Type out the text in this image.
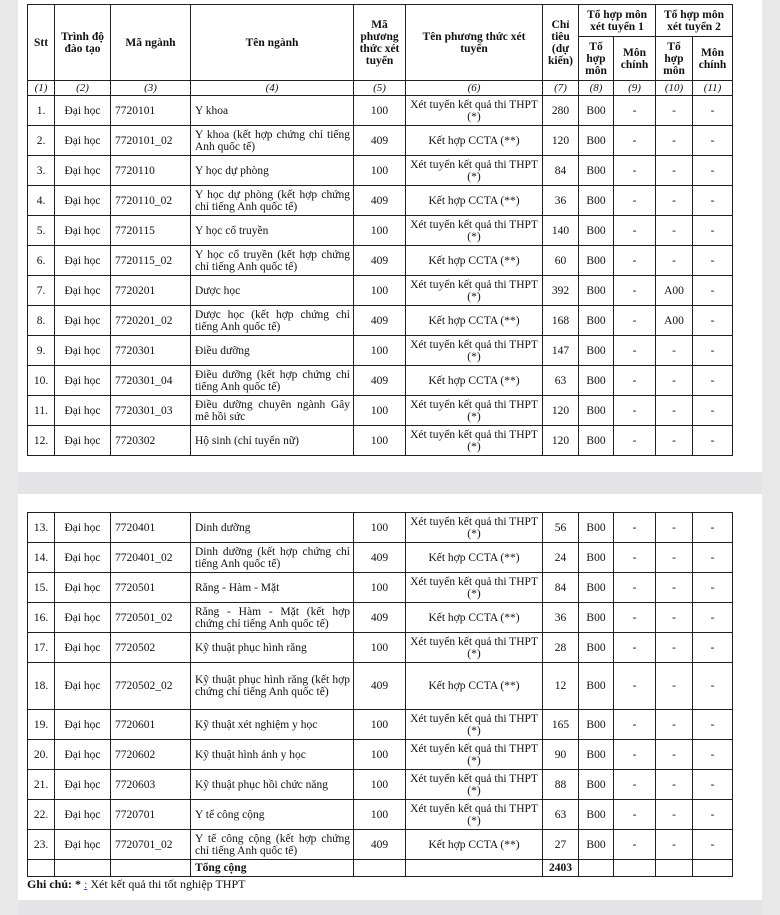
Stt	Trình độ đào tạo	Mã ngành	Tên ngành	Mã phương thức xét tuyển	Tên phương thức xét tuyển	Chỉ tiêu (dự kiến)	Tổ hợp môn xét tuyển 1		Tổ hợp môn xét tuyển 2	
							Tổ hợp môn	Môn chính	Tổ hợp môn	Môn chính
(1)	(2)	(3)	(4)	(5)	(6)	(7)	(8)	(9)	(10)	(11)
1.	Đại học	7720101	Y khoa	100	Xét tuyển kết quả thi THPT (*)	280	B00	-	-	-
2.	Đại học	7720101_02	Y khoa (kết hợp chứng chỉ tiếng Anh quốc tế)	409	Kết hợp CCTA (**)	120	B00	-	-	-
3.	Đại học	7720110	Y học dự phòng	100	Xét tuyển kết quả thi THPT (*)	84	B00	-	-	-
4.	Đại học	7720110_02	Y học dự phòng (kết hợp chứng chỉ tiếng Anh quốc tế)	409	Kết hợp CCTA (**)	36	B00	-	-	-
5.	Đại học	7720115	Y học cổ truyền	100	Xét tuyển kết quả thi THPT (*)	140	B00	-	-	-
6.	Đại học	7720115_02	Y học cổ truyền (kết hợp chứng chỉ tiếng Anh quốc tế)	409	Kết hợp CCTA (**)	60	B00	-	-	-
7.	Đại học	7720201	Dược học	100	Xét tuyển kết quả thi THPT (*)	392	B00	-	A00	-
8.	Đại học	7720201_02	Dược học (kết hợp chứng chỉ tiếng Anh quốc tế)	409	Kết hợp CCTA (**)	168	B00	-	A00	-
9.	Đại học	7720301	Điều dưỡng	100	Xét tuyển kết quả thi THPT (*)	147	B00	-	-	-
10.	Đại học	7720301_04	Điều dưỡng (kết hợp chứng chỉ tiếng Anh quốc tế)	409	Kết hợp CCTA (**)	63	B00	-	-	-
11.	Đại học	7720301_03	Điều dưỡng chuyên ngành Gây mê hồi sức	100	Xét tuyển kết quả thi THPT (*)	120	B00	-	-	-
12.	Đại học	7720302	Hộ sinh (chỉ tuyển nữ)	100	Xét tuyển kết quả thi THPT (*)	120	B00	-	-	-
13.	Đại học	7720401	Dinh dưỡng	100	Xét tuyển kết quả thi THPT (*)	56	B00	-	-	-
14.	Đại học	7720401_02	Dinh dưỡng (kết hợp chứng chỉ tiếng Anh quốc tế)	409	Kết hợp CCTA (**)	24	B00	-	-	-
15.	Đại học	7720501	Răng - Hàm - Mặt	100	Xét tuyển kết quả thi THPT (*)	84	B00	-	-	-
16.	Đại học	7720501_02	Răng - Hàm - Mặt (kết hợp chứng chỉ tiếng Anh quốc tế)	409	Kết hợp CCTA (**)	36	B00	-	-	-
17.	Đại học	7720502	Kỹ thuật phục hình răng	100	Xét tuyển kết quả thi THPT (*)	28	B00	-	-	-
18.	Đại học	7720502_02	Kỹ thuật phục hình răng (kết hợp chứng chỉ tiếng Anh quốc tế)	409	Kết hợp CCTA (**)	12	B00	-	-	-
19.	Đại học	7720601	Kỹ thuật xét nghiệm y học	100	Xét tuyển kết quả thi THPT (*)	165	B00	-	-	-
20.	Đại học	7720602	Kỹ thuật hình ảnh y học	100	Xét tuyển kết quả thi THPT (*)	90	B00	-	-	-
21.	Đại học	7720603	Kỹ thuật phục hồi chức năng	100	Xét tuyển kết quả thi THPT (*)	88	B00	-	-	-
22.	Đại học	7720701	Y tế công cộng	100	Xét tuyển kết quả thi THPT (*)	63	B00	-	-	-
23.	Đại học	7720701_02	Y tế công cộng (kết hợp chứng chỉ tiếng Anh quốc tế)	409	Kết hợp CCTA (**)	27	B00	-	-	-
			Tổng cộng			2403				
Ghi chú: * : Xét kết quả thi tốt nghiệp THPT
